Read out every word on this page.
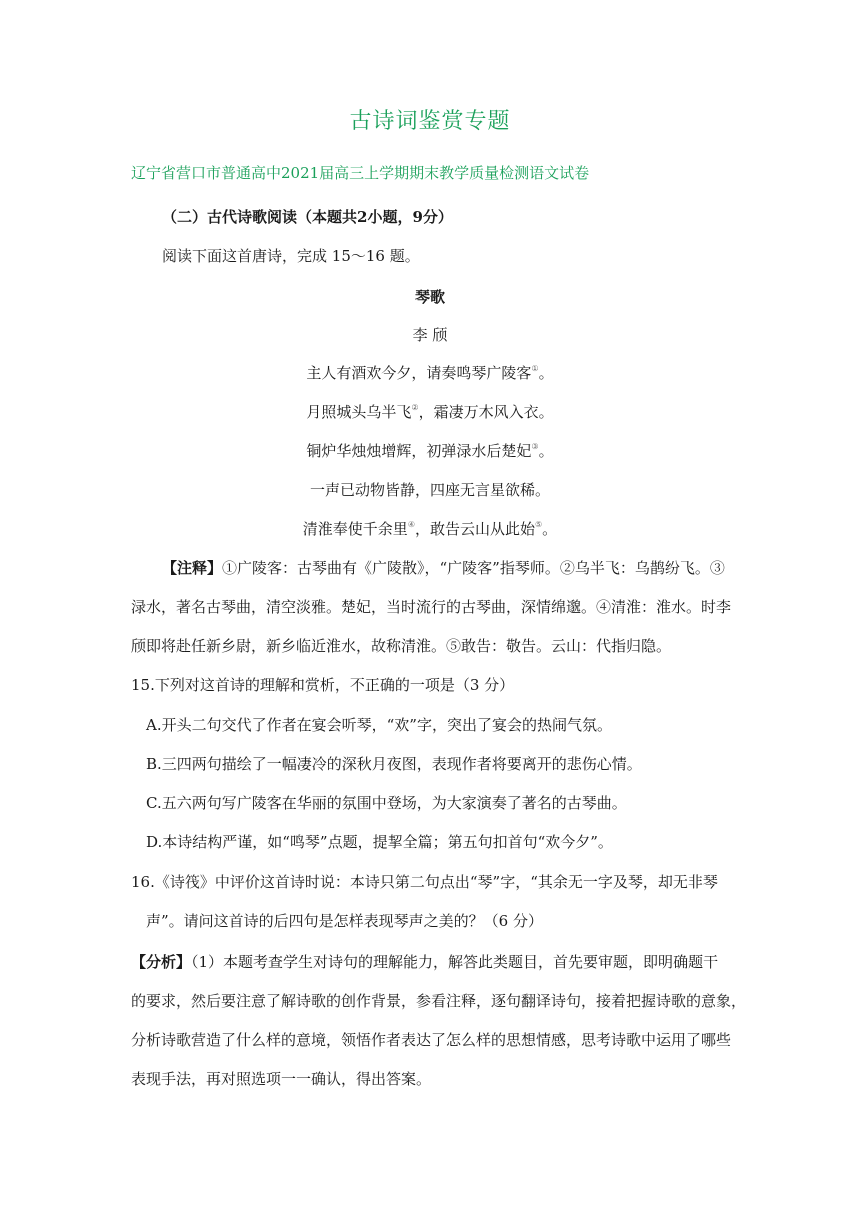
古诗词鉴赏专题
辽宁省营口市普通高中2021届高三上学期期末教学质量检测语文试卷
（二）古代诗歌阅读（本题共2小题，9分）
阅读下面这首唐诗，完成 15～16 题。
琴歌
李 颀
主人有酒欢今夕，请奏鸣琴广陵客①。
月照城头乌半飞②，霜凄万木风入衣。
铜炉华烛烛增辉，初弹渌水后楚妃③。
一声已动物皆静，四座无言星欲稀。
清淮奉使千余里④，敢告云山从此始⑤。
【注释】①广陵客：古琴曲有《广陵散》，“广陵客”指琴师。②乌半飞：乌鹊纷飞。③
渌水，著名古琴曲，清空淡雅。楚妃，当时流行的古琴曲，深情绵邈。④清淮：淮水。时李
颀即将赴任新乡尉，新乡临近淮水，故称清淮。⑤敢告：敬告。云山：代指归隐。
15.下列对这首诗的理解和赏析，不正确的一项是（3 分）
A.开头二句交代了作者在宴会听琴，“欢”字，突出了宴会的热闹气氛。
B.三四两句描绘了一幅凄冷的深秋月夜图，表现作者将要离开的悲伤心情。
C.五六两句写广陵客在华丽的氛围中登场，为大家演奏了著名的古琴曲。
D.本诗结构严谨，如“鸣琴”点题，提挈全篇；第五句扣首句“欢今夕”。
16.《诗筏》中评价这首诗时说：本诗只第二句点出“琴”字，“其余无一字及琴，却无非琴
声”。请问这首诗的后四句是怎样表现琴声之美的？（6 分）
【分析】（1）本题考查学生对诗句的理解能力，解答此类题目，首先要审题，即明确题干
的要求，然后要注意了解诗歌的创作背景，参看注释，逐句翻译诗句，接着把握诗歌的意象，
分析诗歌营造了什么样的意境，领悟作者表达了怎么样的思想情感，思考诗歌中运用了哪些
表现手法，再对照选项一一确认，得出答案。
